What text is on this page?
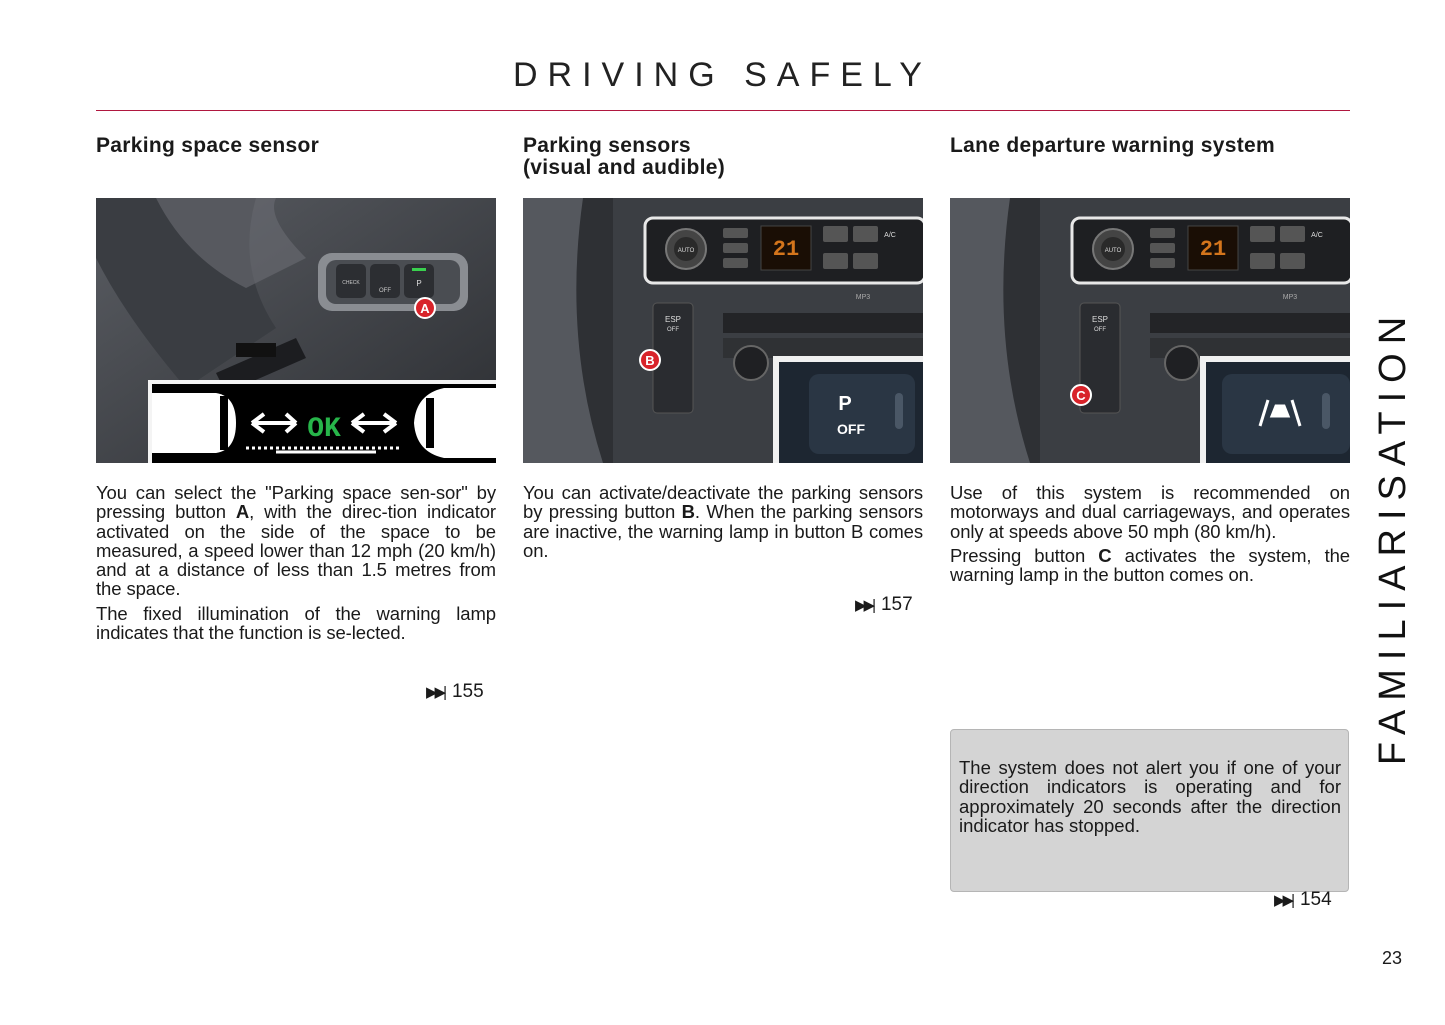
DRIVING SAFELY
Parking space sensor

CHECK
OFF
P
A
OK

You can select the "Parking space sen-sor" by pressing button A, with the direc-tion indicator activated on the side of the space to be measured, a speed lower than 12 mph (20 km/h) and at a distance of less than 1.5 metres from the space.

The fixed illumination of the warning lamp indicates that the function is se-lected.

▶▶| 155
Parking sensors
(visual and audible)
AUTO	21
A/C
MP3
ESP
OFF
B
P
OFF

You can activate/deactivate the parking sensors by pressing button B. When the parking sensors are inactive, the warning lamp in button B comes on.

▶▶| 157
Lane departure warning system

AUTO	21
A/C
MP3
ESP
OFF
C

Use of this system is recommended on motorways and dual carriageways, and operates only at speeds above 50 mph (80 km/h).

Pressing button C activates the system, the warning lamp in the button comes on.

The system does not alert you if one of your direction indicators is operating and for approximately 20 seconds after the direction indicator has stopped.
▶▶| 154
FAMILIARISATION
23
